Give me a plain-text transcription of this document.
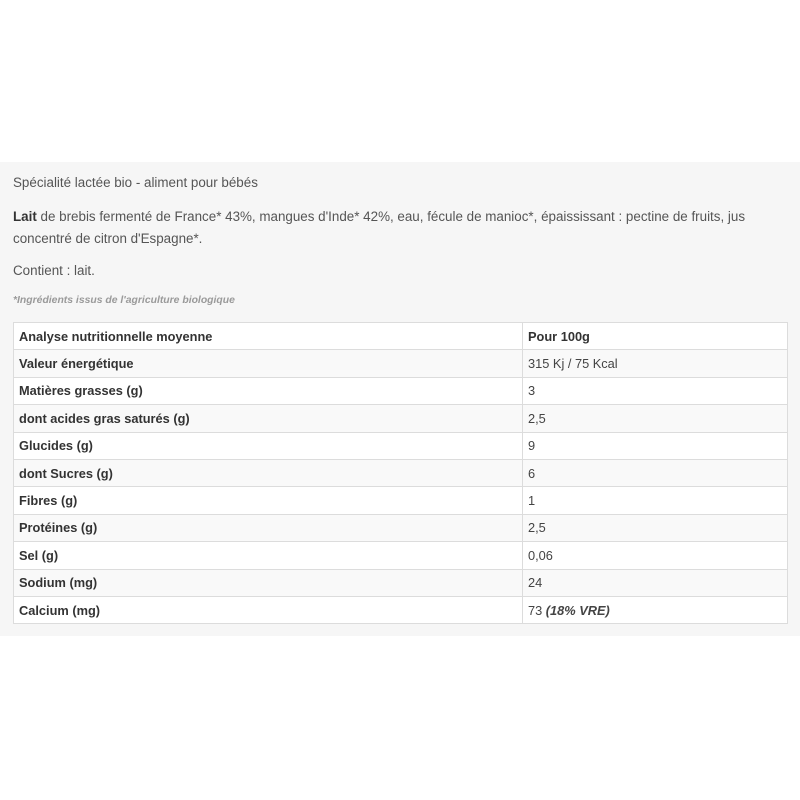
Spécialité lactée bio - aliment pour bébés
Lait de brebis fermenté de France* 43%, mangues d'Inde* 42%, eau, fécule de manioc*, épaississant : pectine de fruits, jus concentré de citron d'Espagne*.
Contient : lait.
*Ingrédients issus de l'agriculture biologique
Analyse nutritionnelle moyenne	Pour 100g
Valeur énergétique	315 Kj / 75 Kcal
Matières grasses (g)	3
dont acides gras saturés (g)	2,5
Glucides (g)	9
dont Sucres (g)	6
Fibres (g)	1
Protéines (g)	2,5
Sel (g)	0,06
Sodium (mg)	24
Calcium (mg)	73 (18% VRE)
